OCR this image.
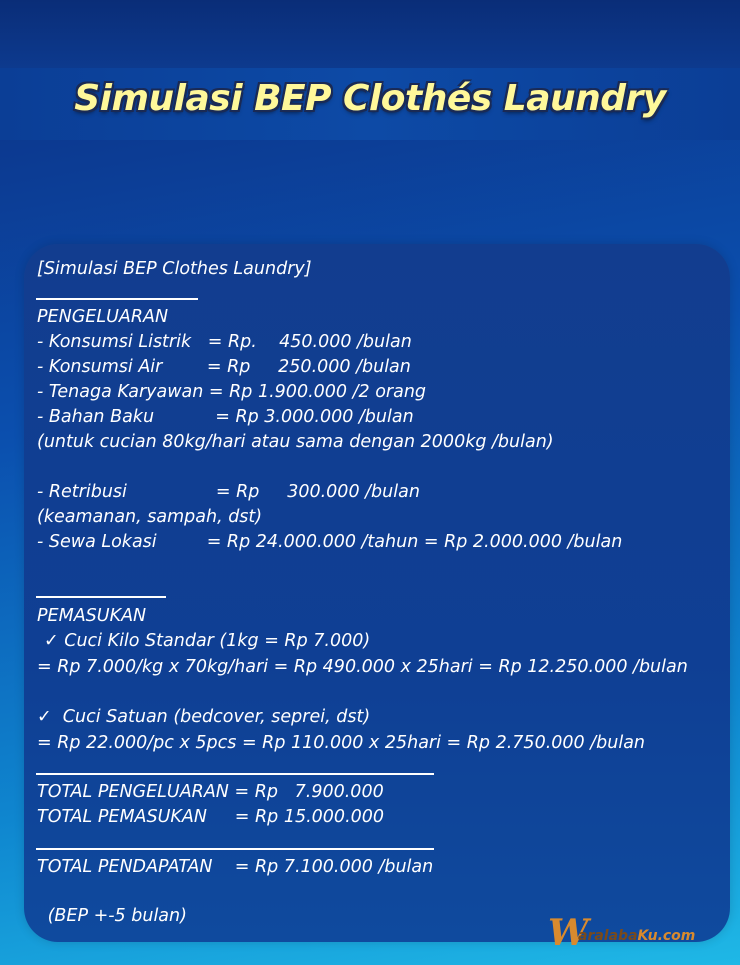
Simulasi BEP Clothés Laundry
[Simulasi BEP Clothes Laundry]
PENGELUARAN
- Konsumsi Listrik   = Rp.    450.000 /bulan
- Konsumsi Air        = Rp     250.000 /bulan
- Tenaga Karyawan = Rp 1.900.000 /2 orang
- Bahan Baku           = Rp 3.000.000 /bulan
(untuk cucian 80kg/hari atau sama dengan 2000kg /bulan)
- Retribusi                = Rp     300.000 /bulan
(keamanan, sampah, dst)
- Sewa Lokasi         = Rp 24.000.000 /tahun = Rp 2.000.000 /bulan
PEMASUKAN
✓ Cuci Kilo Standar (1kg = Rp 7.000)
= Rp 7.000/kg x 70kg/hari = Rp 490.000 x 25hari = Rp 12.250.000 /bulan
✓  Cuci Satuan (bedcover, seprei, dst)
= Rp 22.000/pc x 5pcs = Rp 110.000 x 25hari = Rp 2.750.000 /bulan
TOTAL PENGELUARAN = Rp   7.900.000
TOTAL PEMASUKAN     = Rp 15.000.000
TOTAL PENDAPATAN    = Rp 7.100.000 /bulan
(BEP +-5 bulan)	W
aralabaKu.com
